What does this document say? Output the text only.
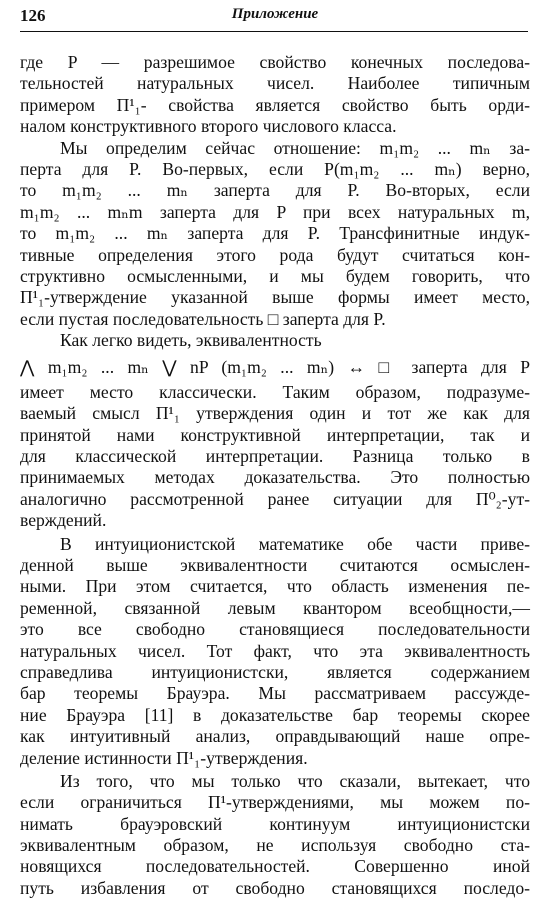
126	Приложение
где P — разрешимое свойство конечных последова-
тельностей натуральных чисел. Наиболее типичным
примером Π¹₁- свойства является свойство быть орди-
налом конструктивного второго числового класса.
Мы определим сейчас отношение: m₁m₂ ... mₙ за-
перта для P. Во-первых, если P(m₁m₂ ... mₙ) верно,
то m₁m₂ ... mₙ заперта для P. Во-вторых, если
m₁m₂ ... mₙm заперта для P при всех натуральных m,
то m₁m₂ ... mₙ заперта для P. Трансфинитные индук-
тивные определения этого рода будут считаться кон-
структивно осмысленными, и мы будем говорить, что
Π¹₁-утверждение указанной выше формы имеет место,
если пустая последовательность □ заперта для P.
Как легко видеть, эквивалентность
⋀ m₁m₂ ... mₙ ⋁ nP (m₁m₂ ... mₙ) ↔ □ заперта для P
имеет место классически. Таким образом, подразуме-
ваемый смысл Π¹₁ утверждения один и тот же как для
принятой нами конструктивной интерпретации, так и
для классической интерпретации. Разница только в
принимаемых методах доказательства. Это полностью
аналогично рассмотренной ранее ситуации для Π⁰₂-ут-
верждений.
В интуиционистской математике обе части приве-
денной выше эквивалентности считаются осмыслен-
ными. При этом считается, что область изменения пе-
ременной, связанной левым квантором всеобщности,—
это все свободно становящиеся последовательности
натуральных чисел. Тот факт, что эта эквивалентность
справедлива интуиционистски, является содержанием
бар теоремы Брауэра. Мы рассматриваем рассужде-
ние Брауэра [11] в доказательстве бар теоремы скорее
как интуитивный анализ, оправдывающий наше опре-
деление истинности Π¹₁-утверждения.
Из того, что мы только что сказали, вытекает, что
если ограничиться Π¹-утверждениями, мы можем по-
нимать брауэровский континуум интуиционистски
эквивалентным образом, не используя свободно ста-
новящихся последовательностей. Совершенно иной
путь избавления от свободно становящихся последо-
